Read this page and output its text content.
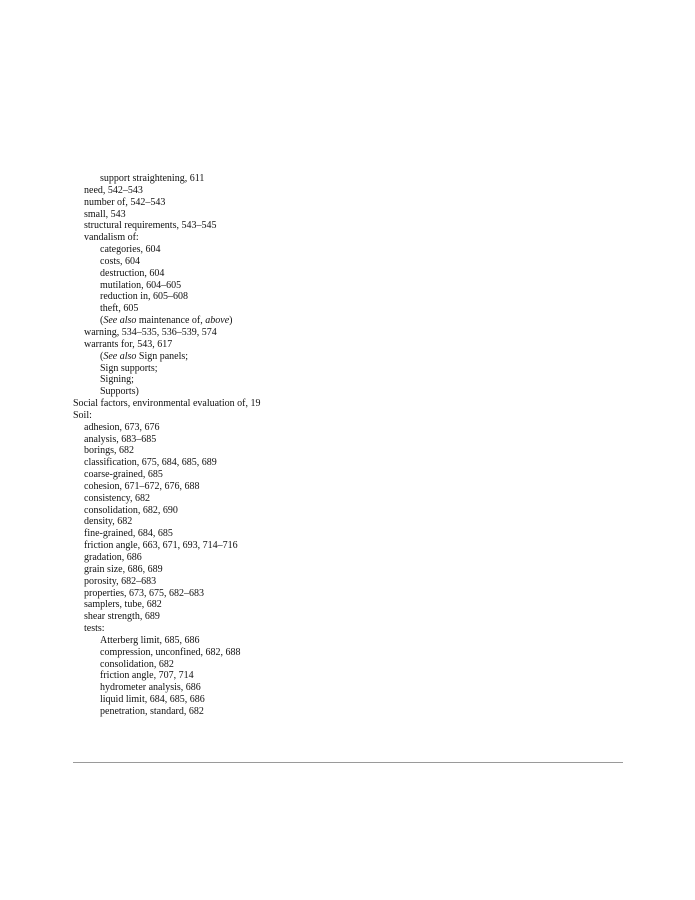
support straightening, 611
need, 542–543
number of, 542–543
small, 543
structural requirements, 543–545
vandalism of:
categories, 604
costs, 604
destruction, 604
mutilation, 604–605
reduction in, 605–608
theft, 605
(See also maintenance of, above)
warning, 534–535, 536–539, 574
warrants for, 543, 617
(See also Sign panels;
Sign supports;
Signing;
Supports)
Social factors, environmental evaluation of, 19
Soil:
adhesion, 673, 676
analysis, 683–685
borings, 682
classification, 675, 684, 685, 689
coarse-grained, 685
cohesion, 671–672, 676, 688
consistency, 682
consolidation, 682, 690
density, 682
fine-grained, 684, 685
friction angle, 663, 671, 693, 714–716
gradation, 686
grain size, 686, 689
porosity, 682–683
properties, 673, 675, 682–683
samplers, tube, 682
shear strength, 689
tests:
Atterberg limit, 685, 686
compression, unconfined, 682, 688
consolidation, 682
friction angle, 707, 714
hydrometer analysis, 686
liquid limit, 684, 685, 686
penetration, standard, 682
